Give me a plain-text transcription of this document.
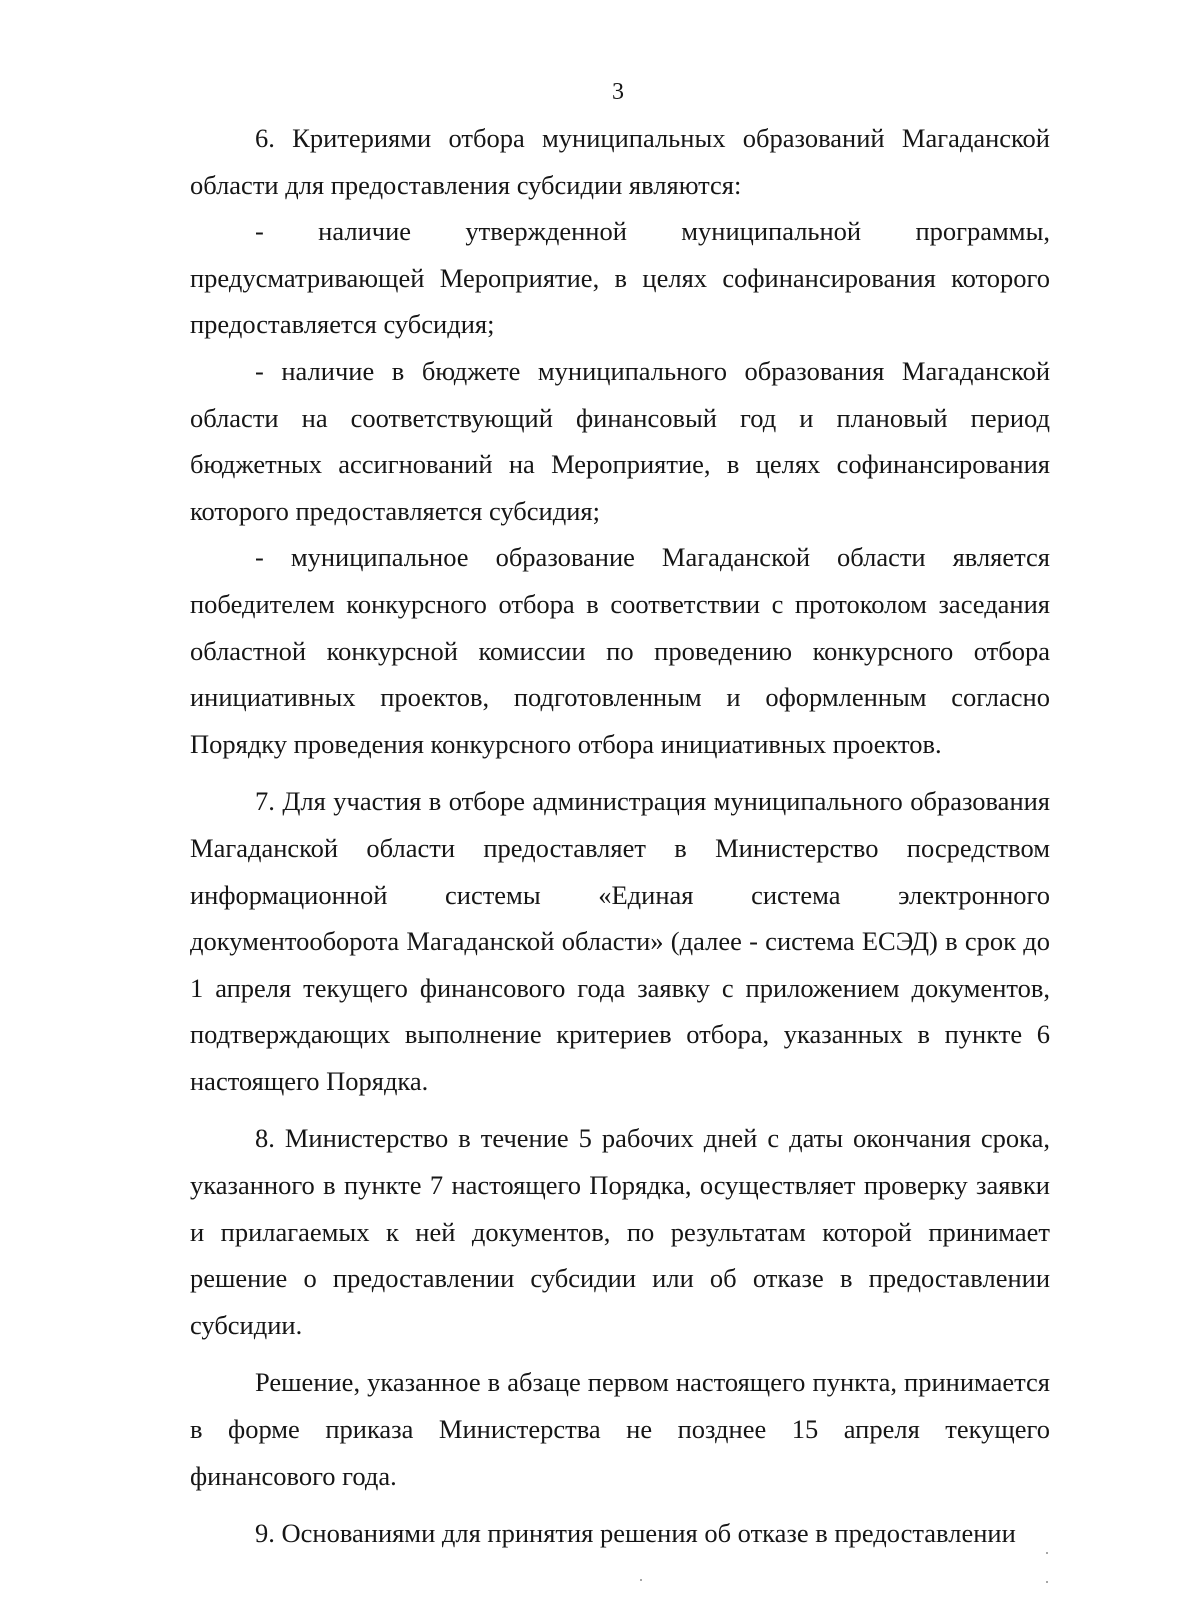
3

6. Критериями отбора муниципальных образований Магаданской области для предоставления субсидии являются:

- наличие утвержденной муниципальной программы, предусматривающей Мероприятие, в целях софинансирования которого предоставляется субсидия;

- наличие в бюджете муниципального образования Магаданской области на соответствующий финансовый год и плановый период бюджетных ассигнований на Мероприятие, в целях софинансирования которого предоставляется субсидия;

- муниципальное образование Магаданской области является победителем конкурсного отбора в соответствии с протоколом заседания областной конкурсной комиссии по проведению конкурсного отбора инициативных проектов, подготовленным и оформленным согласно Порядку проведения конкурсного отбора инициативных проектов.

7. Для участия в отборе администрация муниципального образования Магаданской области предоставляет в Министерство посредством информационной системы «Единая система электронного документооборота Магаданской области» (далее - система ЕСЭД) в срок до 1 апреля текущего финансового года заявку с приложением документов, подтверждающих выполнение критериев отбора, указанных в пункте 6 настоящего Порядка.

8. Министерство в течение 5 рабочих дней с даты окончания срока, указанного в пункте 7 настоящего Порядка, осуществляет проверку заявки и прилагаемых к ней документов, по результатам которой принимает решение о предоставлении субсидии или об отказе в предоставлении субсидии.

Решение, указанное в абзаце первом настоящего пункта, принимается в форме приказа Министерства не позднее 15 апреля текущего финансового года.

9. Основаниями для принятия решения об отказе в предоставлении
